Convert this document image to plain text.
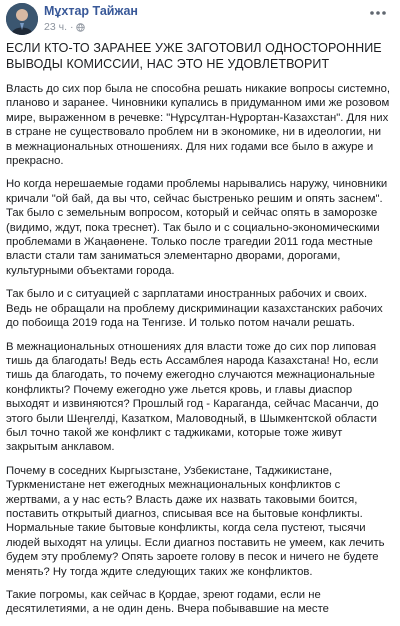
Мұхтар Тайжан
23 ч. ·

ЕСЛИ КТО-ТО ЗАРАНЕЕ УЖЕ ЗАГОТОВИЛ ОДНОСТОРОННИЕ ВЫВОДЫ КОМИССИИ, НАС ЭТО НЕ УДОВЛЕТВОРИТ

Власть до сих пор была не способна решать никакие вопросы системно, планово и заранее. Чиновники купались в придуманном ими же розовом мире, выраженном в речевке: "Нұрсұлтан-Нұрортан-Казахстан". Для них в стране не существовало проблем ни в экономике, ни в идеологии, ни в межнациональных отношениях. Для них годами все было в ажуре и прекрасно.

Но когда нерешаемые годами проблемы нарывались наружу, чиновники кричали "ой бай, да вы что, сейчас быстренько решим и опять заснем". Так было с земельным вопросом, который и сейчас опять в заморозке (видимо, ждут, пока треснет). Так было и с социально-экономическими проблемами в Жаңаөнене. Только после трагедии 2011 года местные власти стали там заниматься элементарно дворами, дорогами, культурными объектами города.

Так было и с ситуацией с зарплатами иностранных рабочих и своих. Ведь не обращали на проблему дискриминации казахстанских рабочих до побоища 2019 года на Тенгизе. И только потом начали решать.

В межнациональных отношениях для власти тоже до сих пор липовая тишь да благодать! Ведь есть Ассамблея народа Казахстана! Но, если тишь да благодать, то почему ежегодно случаются межнациональные конфликты? Почему ежегодно уже льется кровь, и главы диаспор выходят и извиняются? Прошлый год - Караганда, сейчас Масанчи, до этого были Шеңгелді, Казатком, Маловодный, в Шымкентской области был точно такой же конфликт с таджиками, которые тоже живут закрытым анклавом.

Почему в соседних Кыргызстане, Узбекистане, Таджикистане, Туркменистане нет ежегодных межнациональных конфликтов с жертвами, а у нас есть? Власть даже их назвать таковыми боится, поставить открытый диагноз, списывая все на бытовые конфликты. Нормальные такие бытовые конфликты, когда села пустеют, тысячи людей выходят на улицы. Если диагноз поставить не умеем, как лечить будем эту проблему? Опять зароете голову в песок и ничего не будете менять? Ну тогда ждите следующих таких же конфликтов.

Такие погромы, как сейчас в Қордае, зреют годами, если не десятилетиями, а не один день. Вчера побывавшие на месте
